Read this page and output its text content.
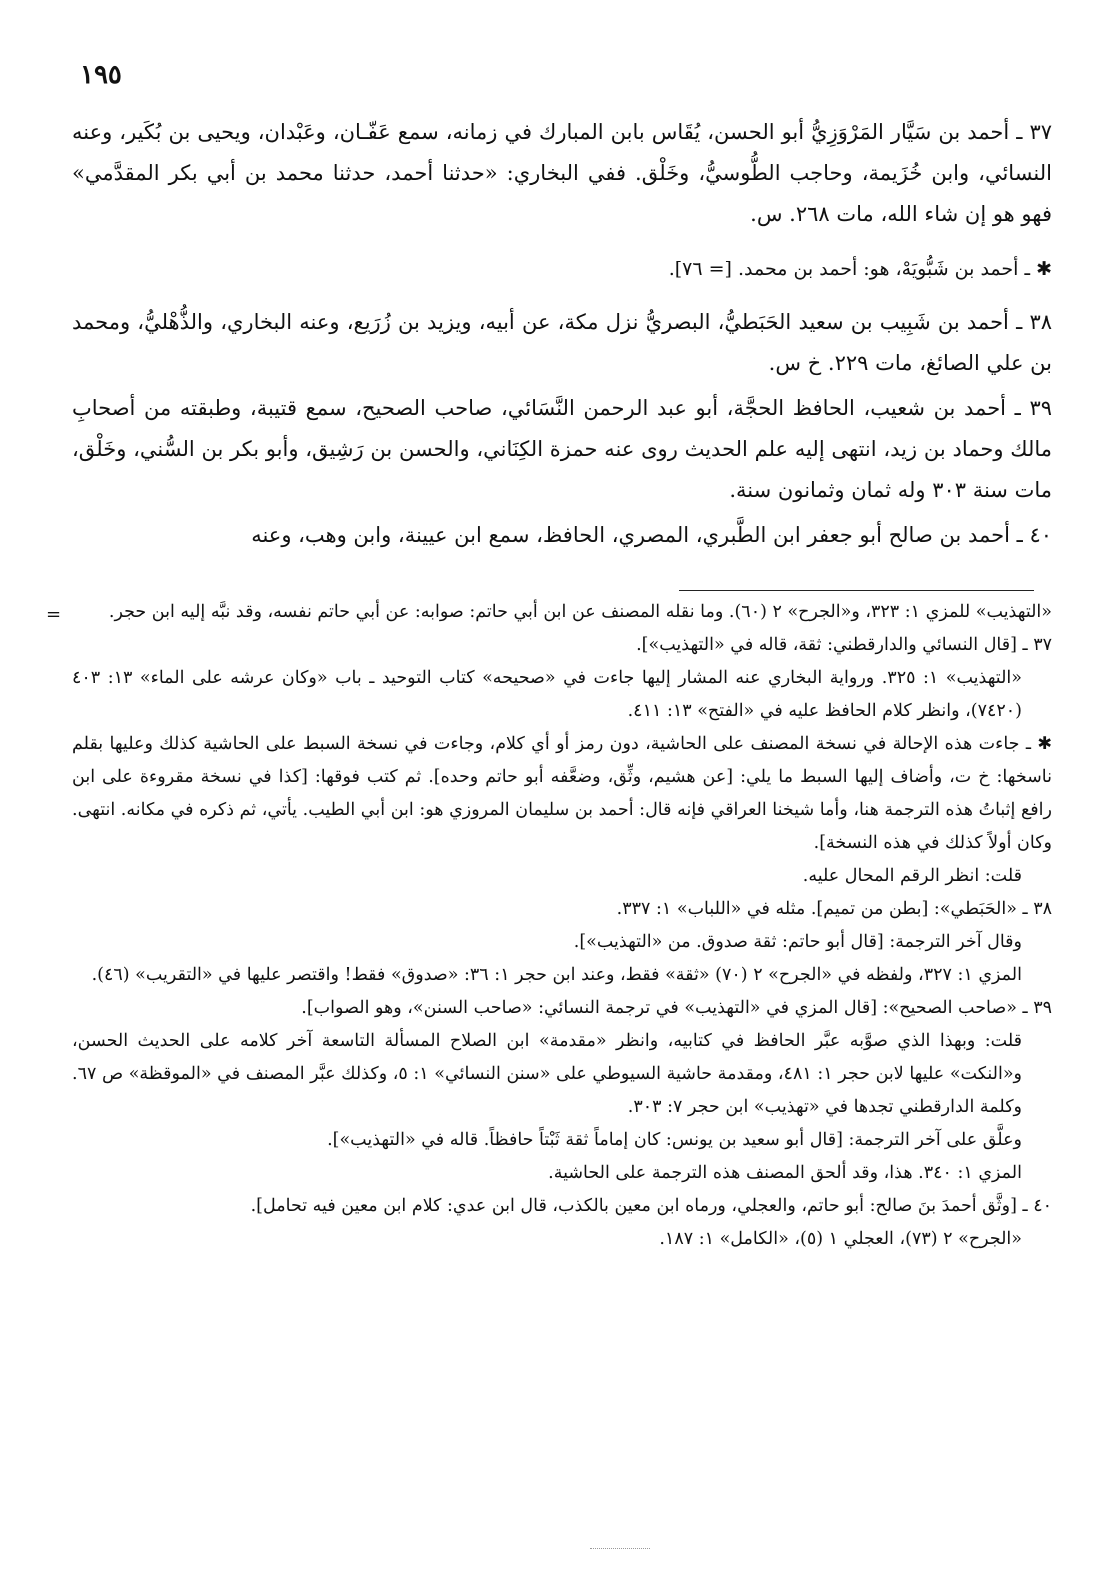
١٩٥

٣٧ ـ أحمد بن سَيَّار المَرْوَزِيُّ أبو الحسن، يُقَاس بابن المبارك في زمانه، سمع عَفّـان، وعَبْدان، ويحيى بن بُكَير، وعنه النسائي، وابن خُزَيمة، وحاجب الطُّوسيُّ، وخَلْق. ففي البخاري: «حدثنا أحمد، حدثنا محمد بن أبي بكر المقدَّمي» فهو هو إن شاء الله، مات ٢٦٨. س.

✱ ـ أحمد بن شَبُّويَهْ، هو: أحمد بن محمد. [= ٧٦].

٣٨ ـ أحمد بن شَبِيب بن سعيد الحَبَطيُّ، البصريُّ نزل مكة، عن أبيه، ويزيد بن زُرَيع، وعنه البخاري، والذُّهْليُّ، ومحمد بن علي الصائغ، مات ٢٢٩. خ س.

٣٩ ـ أحمد بن شعيب، الحافظ الحجَّة، أبو عبد الرحمن النَّسَائي، صاحب الصحيح، سمع قتيبة، وطبقته من أصحابِ مالك وحماد بن زيد، انتهى إليه علم الحديث روى عنه حمزة الكِنَاني، والحسن بن رَشِيق، وأبو بكر بن السُّني، وخَلْق، مات سنة ٣٠٣ وله ثمان وثمانون سنة.

٤٠ ـ أحمد بن صالح أبو جعفر ابن الطَّبري، المصري، الحافظ، سمع ابن عيينة، وابن وهب، وعنه

=	«التهذيب» للمزي ١: ٣٢٣، و«الجرح» ٢ (٦٠). وما نقله المصنف عن ابن أبي حاتم: صوابه: عن أبي حاتم نفسه، وقد نبَّه إليه ابن حجر.

٣٧ ـ [قال النسائي والدارقطني: ثقة، قاله في «التهذيب»].

«التهذيب» ١: ٣٢٥. ورواية البخاري عنه المشار إليها جاءت في «صحيحه» كتاب التوحيد ـ باب «وكان عرشه على الماء» ١٣: ٤٠٣ (٧٤٢٠)، وانظر كلام الحافظ عليه في «الفتح» ١٣: ٤١١.

✱ ـ جاءت هذه الإحالة في نسخة المصنف على الحاشية، دون رمز أو أي كلام، وجاءت في نسخة السبط على الحاشية كذلك وعليها بقلم ناسخها: خ ت، وأضاف إليها السبط ما يلي: [عن هشيم، وثِّق، وضعَّفه أبو حاتم وحده]. ثم كتب فوقها: [كذا في نسخة مقروءة على ابن رافع إثباتُ هذه الترجمة هنا، وأما شيخنا العراقي فإنه قال: أحمد بن سليمان المروزي هو: ابن أبي الطيب. يأتي، ثم ذكره في مكانه. انتهى. وكان أولاً كذلك في هذه النسخة].

قلت: انظر الرقم المحال عليه.

٣٨ ـ «الحَبَطي»: [بطن من تميم]. مثله في «اللباب» ١: ٣٣٧.

وقال آخر الترجمة: [قال أبو حاتم: ثقة صدوق. من «التهذيب»].

المزي ١: ٣٢٧، ولفظه في «الجرح» ٢ (٧٠) «ثقة» فقط، وعند ابن حجر ١: ٣٦: «صدوق» فقط! واقتصر عليها في «التقريب» (٤٦).

٣٩ ـ «صاحب الصحيح»: [قال المزي في «التهذيب» في ترجمة النسائي: «صاحب السنن»، وهو الصواب].

قلت: وبهذا الذي صوَّبه عبَّر الحافظ في كتابيه، وانظر «مقدمة» ابن الصلاح المسألة التاسعة آخر كلامه على الحديث الحسن، و«النكت» عليها لابن حجر ١: ٤٨١، ومقدمة حاشية السيوطي على «سنن النسائي» ١: ٥، وكذلك عبَّر المصنف في «الموقظة» ص ٦٧. وكلمة الدارقطني تجدها في «تهذيب» ابن حجر ٧: ٣٠٣.

وعلَّق على آخر الترجمة: [قال أبو سعيد بن يونس: كان إماماً ثقة ثَبْتاً حافظاً. قاله في «التهذيب»].

المزي ١: ٣٤٠. هذا، وقد ألحق المصنف هذه الترجمة على الحاشية.

٤٠ ـ [وثَّق أحمدَ بنَ صالح: أبو حاتم، والعجلي، ورماه ابن معين بالكذب، قال ابن عدي: كلام ابن معين فيه تحامل].

«الجرح» ٢ (٧٣)، العجلي ١ (٥)، «الكامل» ١: ١٨٧.
